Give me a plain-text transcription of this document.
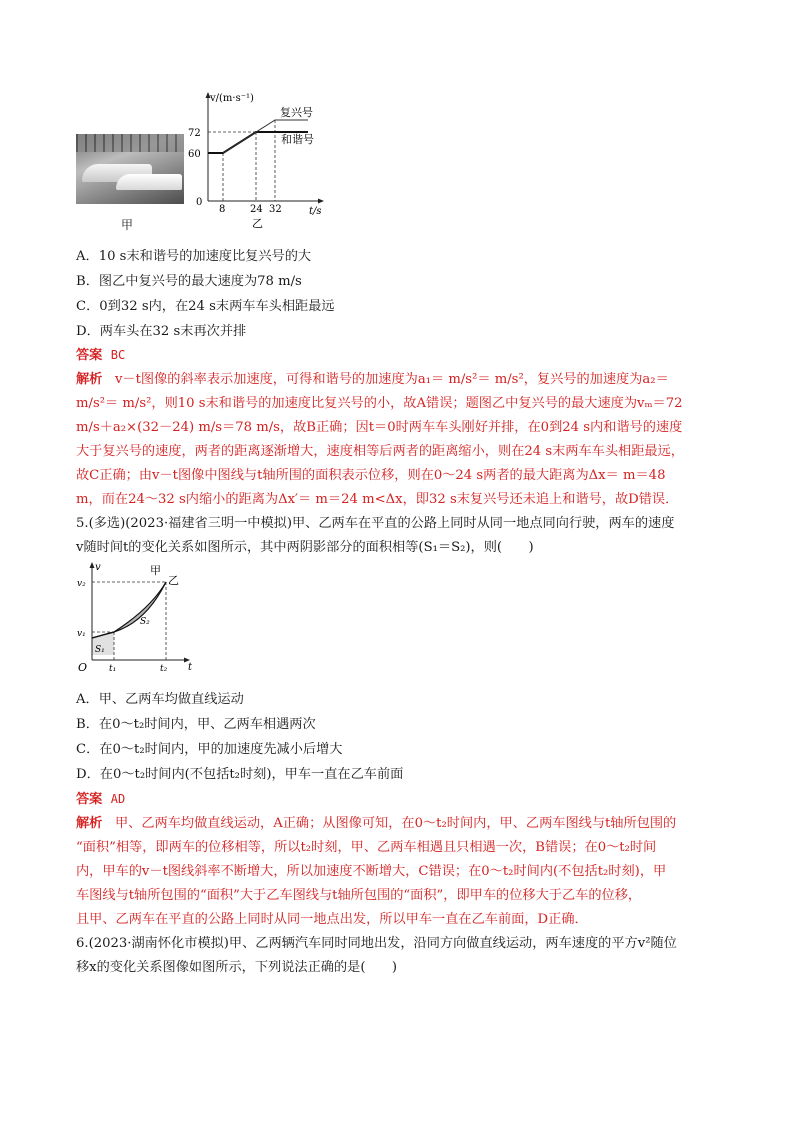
甲
v/(m·s⁻¹)
t/s
复兴号
和谐号
72
60
0
8 24 32
乙
A．10 s末和谐号的加速度比复兴号的大
B．图乙中复兴号的最大速度为78 m/s
C．0到32 s内，在24 s末两车车头相距最远
D．两车头在32 s末再次并排
答案 BC
解析 v－t图像的斜率表示加速度，可得和谐号的加速度为a₁＝ m/s²＝ m/s²，复兴号的加速度为a₂＝
m/s²＝ m/s²，则10 s末和谐号的加速度比复兴号的小，故A错误；题图乙中复兴号的最大速度为vₘ＝72
m/s＋a₂×(32－24) m/s＝78 m/s，故B正确；因t＝0时两车车头刚好并排，在0到24 s内和谐号的速度
大于复兴号的速度，两者的距离逐渐增大，速度相等后两者的距离缩小，则在24 s末两车车头相距最远，
故C正确；由v－t图像中图线与t轴所围的面积表示位移，则在0～24 s两者的最大距离为Δx＝ m＝48
m，而在24～32 s内缩小的距离为Δx′＝ m＝24 m<Δx，即32 s末复兴号还未追上和谐号，故D错误．
5.(多选)(2023·福建省三明一中模拟)甲、乙两车在平直的公路上同时从同一地点同向行驶，两车的速度
v随时间t的变化关系如图所示，其中两阴影部分的面积相等(S₁＝S₂)，则(　　)
v
t
O
v₂
v₁
t₁	t₂
S₁
S₂
甲
乙
A．甲、乙两车均做直线运动
B．在0～t₂时间内，甲、乙两车相遇两次
C．在0～t₂时间内，甲的加速度先减小后增大
D．在0～t₂时间内(不包括t₂时刻)，甲车一直在乙车前面
答案 AD
解析 甲、乙两车均做直线运动，A正确；从图像可知，在0～t₂时间内，甲、乙两车图线与t轴所包围的
“面积”相等，即两车的位移相等，所以t₂时刻，甲、乙两车相遇且只相遇一次，B错误；在0～t₂时间
内，甲车的v－t图线斜率不断增大，所以加速度不断增大，C错误；在0～t₂时间内(不包括t₂时刻)，甲
车图线与t轴所包围的“面积”大于乙车图线与t轴所包围的“面积”，即甲车的位移大于乙车的位移，
且甲、乙两车在平直的公路上同时从同一地点出发，所以甲车一直在乙车前面，D正确．
6.(2023·湖南怀化市模拟)甲、乙两辆汽车同时同地出发，沿同方向做直线运动，两车速度的平方v²随位
移x的变化关系图像如图所示，下列说法正确的是(　　)
